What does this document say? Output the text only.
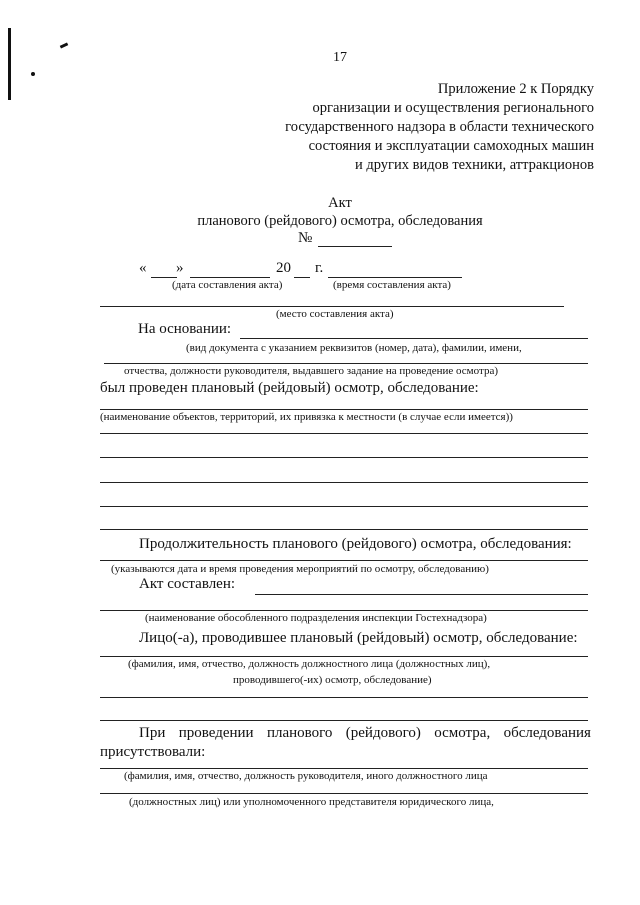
17
Приложение 2 к Порядку
организации и осуществления регионального
государственного надзора в области технического
состояния и эксплуатации самоходных машин
и других видов техники, аттракционов
Акт
планового (рейдового) осмотра, обследования
№
« »	20 г.
(дата составления акта)	(время составления акта)
(место составления акта)
На основании:
(вид документа с указанием реквизитов (номер, дата), фамилии, имени,
отчества, должности руководителя, выдавшего задание на проведение осмотра)
был проведен плановый (рейдовый) осмотр, обследование:
(наименование объектов, территорий, их привязка к местности (в случае если имеется))
Продолжительность планового (рейдового) осмотра, обследования:
(указываются дата и время проведения мероприятий по осмотру, обследованию)
Акт составлен:
(наименование обособленного подразделения инспекции Гостехнадзора)
Лицо(-а), проводившее плановый (рейдовый) осмотр, обследование:
(фамилия, имя, отчество, должность должностного лица (должностных лиц),
проводившего(-их) осмотр, обследование)
При проведении планового (рейдового) осмотра, обследования
присутствовали:
(фамилия, имя, отчество, должность руководителя, иного должностного лица
(должностных лиц) или уполномоченного представителя юридического лица,
